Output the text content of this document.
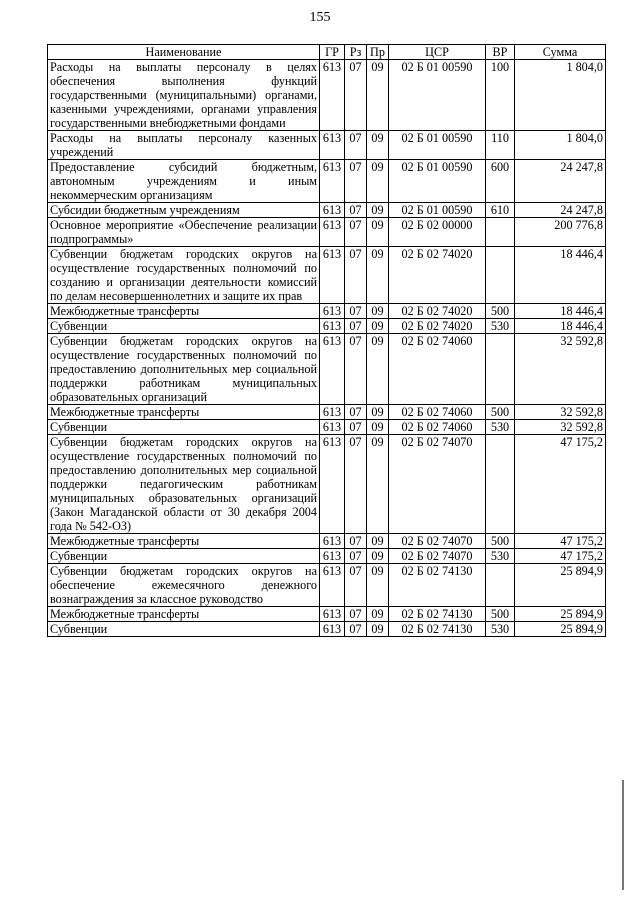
155
Наименование	ГР	Рз	Пр	ЦСР	ВР	Сумма
Расходы на выплаты персоналу в целях обеспечения выполнения функций государственными (муниципальными) органами, казенными учреждениями, органами управления государственными внебюджетными фондами	613	07	09	02 Б 01 00590	100	1 804,0
Расходы на выплаты персоналу казенных учреждений	613	07	09	02 Б 01 00590	110	1 804,0
Предоставление субсидий бюджетным, автономным учреждениям и иным некоммерческим организациям	613	07	09	02 Б 01 00590	600	24 247,8
Субсидии бюджетным учреждениям	613	07	09	02 Б 01 00590	610	24 247,8
Основное мероприятие «Обеспечение реализации подпрограммы»	613	07	09	02 Б 02 00000		200 776,8
Субвенции бюджетам городских округов на осуществление государственных полномочий по созданию и организации деятельности комиссий по делам несовершеннолетних и защите их прав	613	07	09	02 Б 02 74020		18 446,4
Межбюджетные трансферты	613	07	09	02 Б 02 74020	500	18 446,4
Субвенции	613	07	09	02 Б 02 74020	530	18 446,4
Субвенции бюджетам городских округов на осуществление государственных полномочий по предоставлению дополнительных мер социальной поддержки работникам муниципальных образовательных организаций	613	07	09	02 Б 02 74060		32 592,8
Межбюджетные трансферты	613	07	09	02 Б 02 74060	500	32 592,8
Субвенции	613	07	09	02 Б 02 74060	530	32 592,8
Субвенции бюджетам городских округов на осуществление государственных полномочий по предоставлению дополнительных мер социальной поддержки педагогическим работникам муниципальных образовательных организаций (Закон Магаданской области от 30 декабря 2004 года № 542-ОЗ)	613	07	09	02 Б 02 74070		47 175,2
Межбюджетные трансферты	613	07	09	02 Б 02 74070	500	47 175,2
Субвенции	613	07	09	02 Б 02 74070	530	47 175,2
Субвенции бюджетам городских округов на обеспечение ежемесячного денежного вознаграждения за классное руководство	613	07	09	02 Б 02 74130		25 894,9
Межбюджетные трансферты	613	07	09	02 Б 02 74130	500	25 894,9
Субвенции	613	07	09	02 Б 02 74130	530	25 894,9
